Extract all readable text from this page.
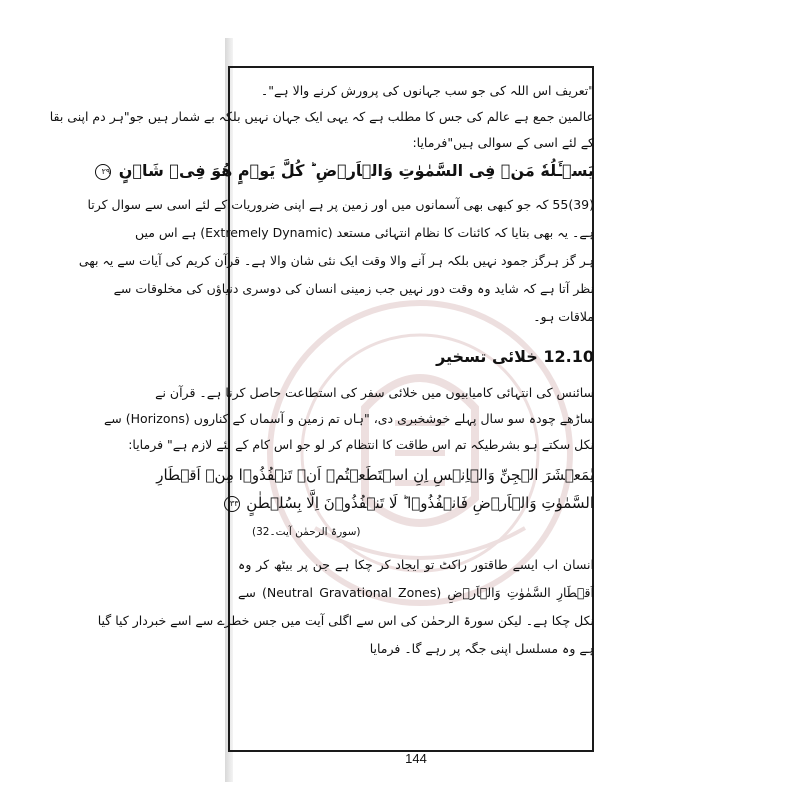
"تعریف اس اللہ کی جو سب جہانوں کی پرورش کرنے والا ہے"۔
عالمین جمع ہے عالم کی جس کا مطلب ہے کہ یہی ایک جہان نہیں بلکہ بے شمار ہیں جو"ہر دم اپنی بقا
کے لئے اسی کے سوالی ہیں"فرمایا:
یَسۡـَٔلُهٗ مَنۡ فِی السَّمٰوٰتِ وَالۡاَرۡضِ ؕ کُلَّ یَوۡمٍ هُوَ فِیۡ شَاۡنٍ ٢٩
(39)55 کہ جو کبھی بھی آسمانوں میں اور زمین پر ہے اپنی ضروریات کے لئے اسی سے سوال کرتا
ہے۔ یہ بھی بتایا کہ کائنات کا نظام انتہائی مستعد (Extremely Dynamic) ہے اس میں
ہر گز ہرگز جمود نہیں بلکہ ہر آنے والا وقت ایک نئی شان والا ہے۔ قرآن کریم کی آیات سے یہ بھی
نظر آتا ہے کہ شاید وہ وقت دور نہیں جب زمینی انسان کی دوسری دنیاؤں کی مخلوقات سے
ملاقات ہو۔
12.10 خلائی تسخیر
سائنس کی انتہائی کامیابیوں میں خلائی سفر کی استطاعت حاصل کرنا ہے۔ قرآن نے
ساڑھے چودہ سو سال پہلے خوشخبری دی، "ہاں تم زمین و آسماں کے کناروں (Horizons) سے
نکل سکتے ہو بشرطیکہ تم اس طاقت کا انتظام کر لو جو اس کام کے لئے لازم ہے" فرمایا:
یٰمَعۡشَرَ الۡجِنِّ وَالۡاِنۡسِ اِنِ اسۡتَطَعۡتُمۡ اَنۡ تَنۡفُذُوۡا مِنۡ اَقۡطَارِ
السَّمٰوٰتِ وَالۡاَرۡضِ فَانۡفُذُوۡا ؕ لَا تَنۡفُذُوۡنَ اِلَّا بِسُلۡطٰنٍ ٣٣
(سورۃ الرحمٰن آیت۔32)
انسان اب ایسے طاقتور راکٹ تو ایجاد کر چکا ہے جن پر بیٹھ کر وہ
اَقۡطَارِ السَّمٰوٰتِ وَالۡاَرۡضِ (Neutral Gravational Zones) سے
نکل چکا ہے۔ لیکن سورۃ الرحمٰن کی اس سے اگلی آیت میں جس خطرے سے اسے خبردار کیا گیا
ہے وہ مسلسل اپنی جگہ پر رہے گا۔ فرمایا
144
